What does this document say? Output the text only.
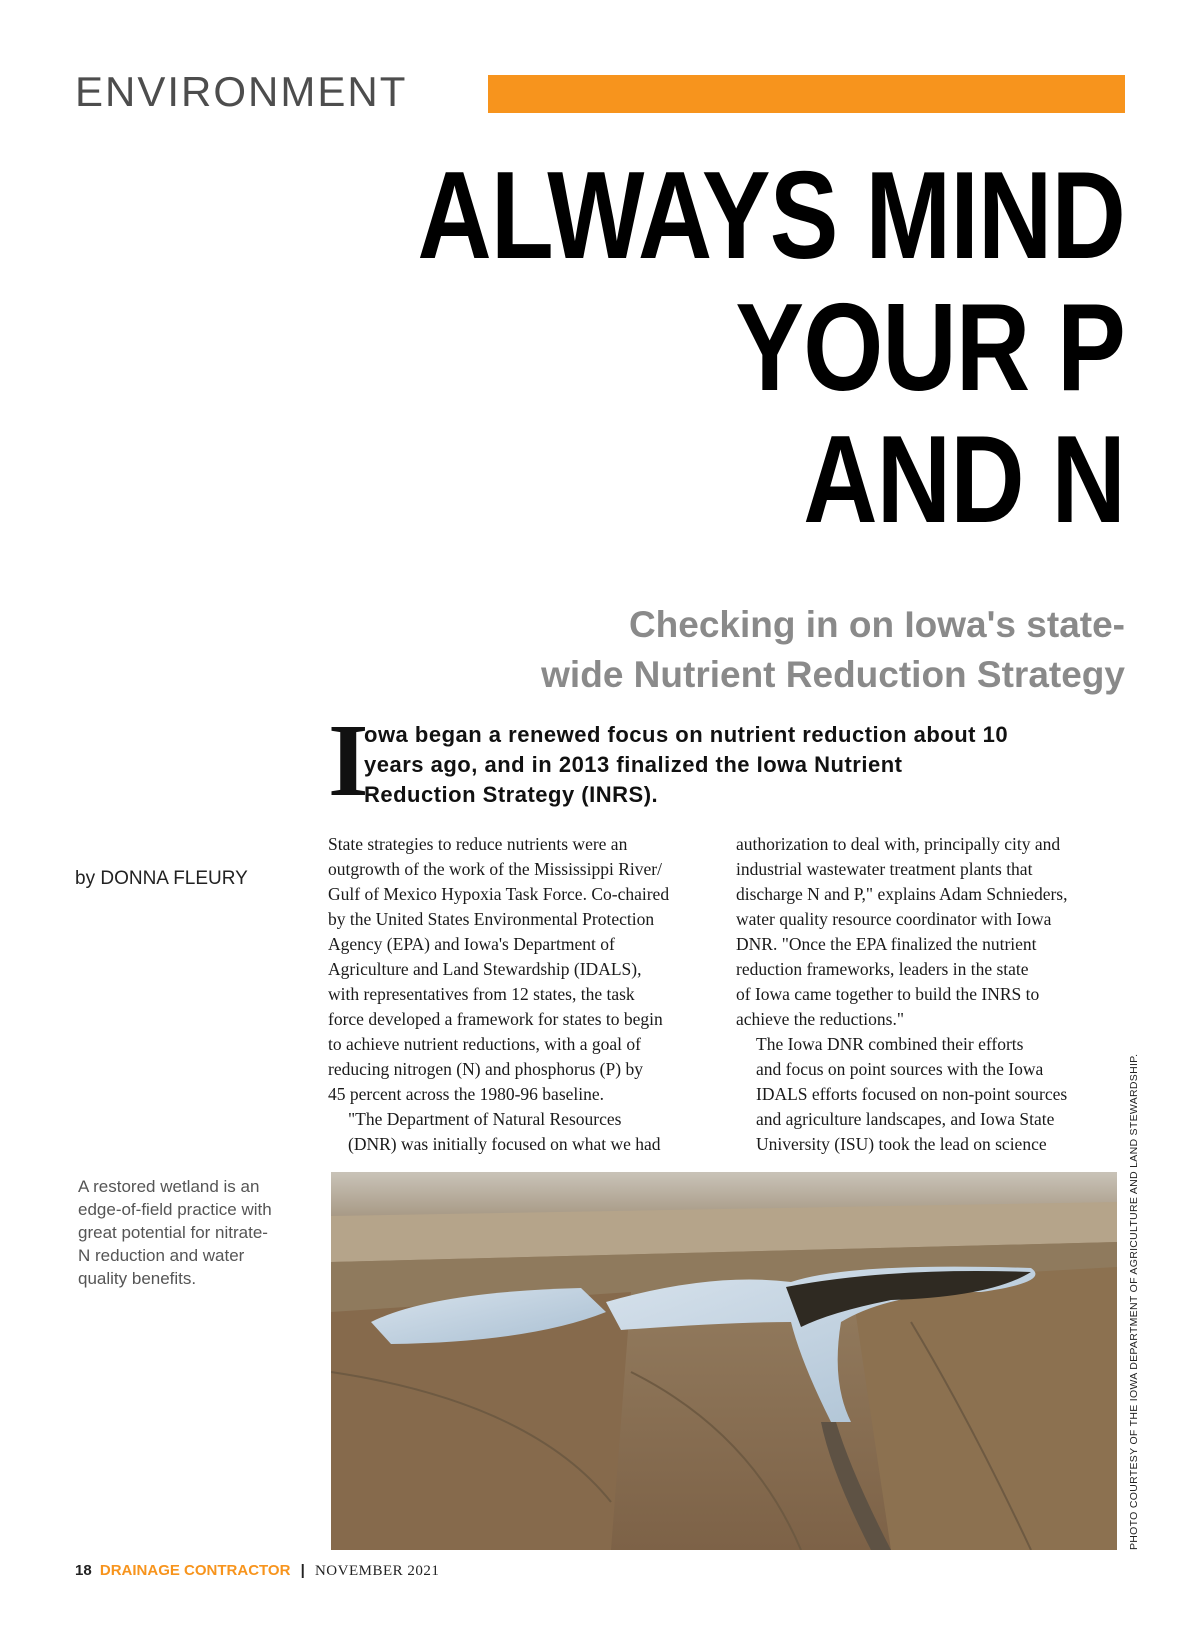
ENVIRONMENT
ALWAYS MIND
YOUR P
AND N
Checking in on Iowa's state-
wide Nutrient Reduction Strategy
I
owa began a renewed focus on nutrient reduction about 10
years ago, and in 2013 finalized the Iowa Nutrient
Reduction Strategy (INRS).
by DONNA FLEURY

State strategies to reduce nutrients were an
outgrowth of the work of the Mississippi River/
Gulf of Mexico Hypoxia Task Force. Co-chaired
by the United States Environmental Protection
Agency (EPA) and Iowa's Department of
Agriculture and Land Stewardship (IDALS),
with representatives from 12 states, the task
force developed a framework for states to begin
to achieve nutrient reductions, with a goal of
reducing nitrogen (N) and phosphorus (P) by
45 percent across the 1980-96 baseline.

"The Department of Natural Resources
(DNR) was initially focused on what we had

authorization to deal with, principally city and
industrial wastewater treatment plants that
discharge N and P," explains Adam Schnieders,
water quality resource coordinator with Iowa
DNR. "Once the EPA finalized the nutrient
reduction frameworks, leaders in the state
of Iowa came together to build the INRS to
achieve the reductions."

The Iowa DNR combined their efforts
and focus on point sources with the Iowa
IDALS efforts focused on non-point sources
and agriculture landscapes, and Iowa State
University (ISU) took the lead on science

A restored wetland is an
edge-of-field practice with
great potential for nitrate-
N reduction and water
quality benefits.	PHOTO COURTESY OF THE IOWA DEPARTMENT OF AGRICULTURE AND LAND STEWARDSHIP.
18 DRAINAGE CONTRACTOR | NOVEMBER 2021
